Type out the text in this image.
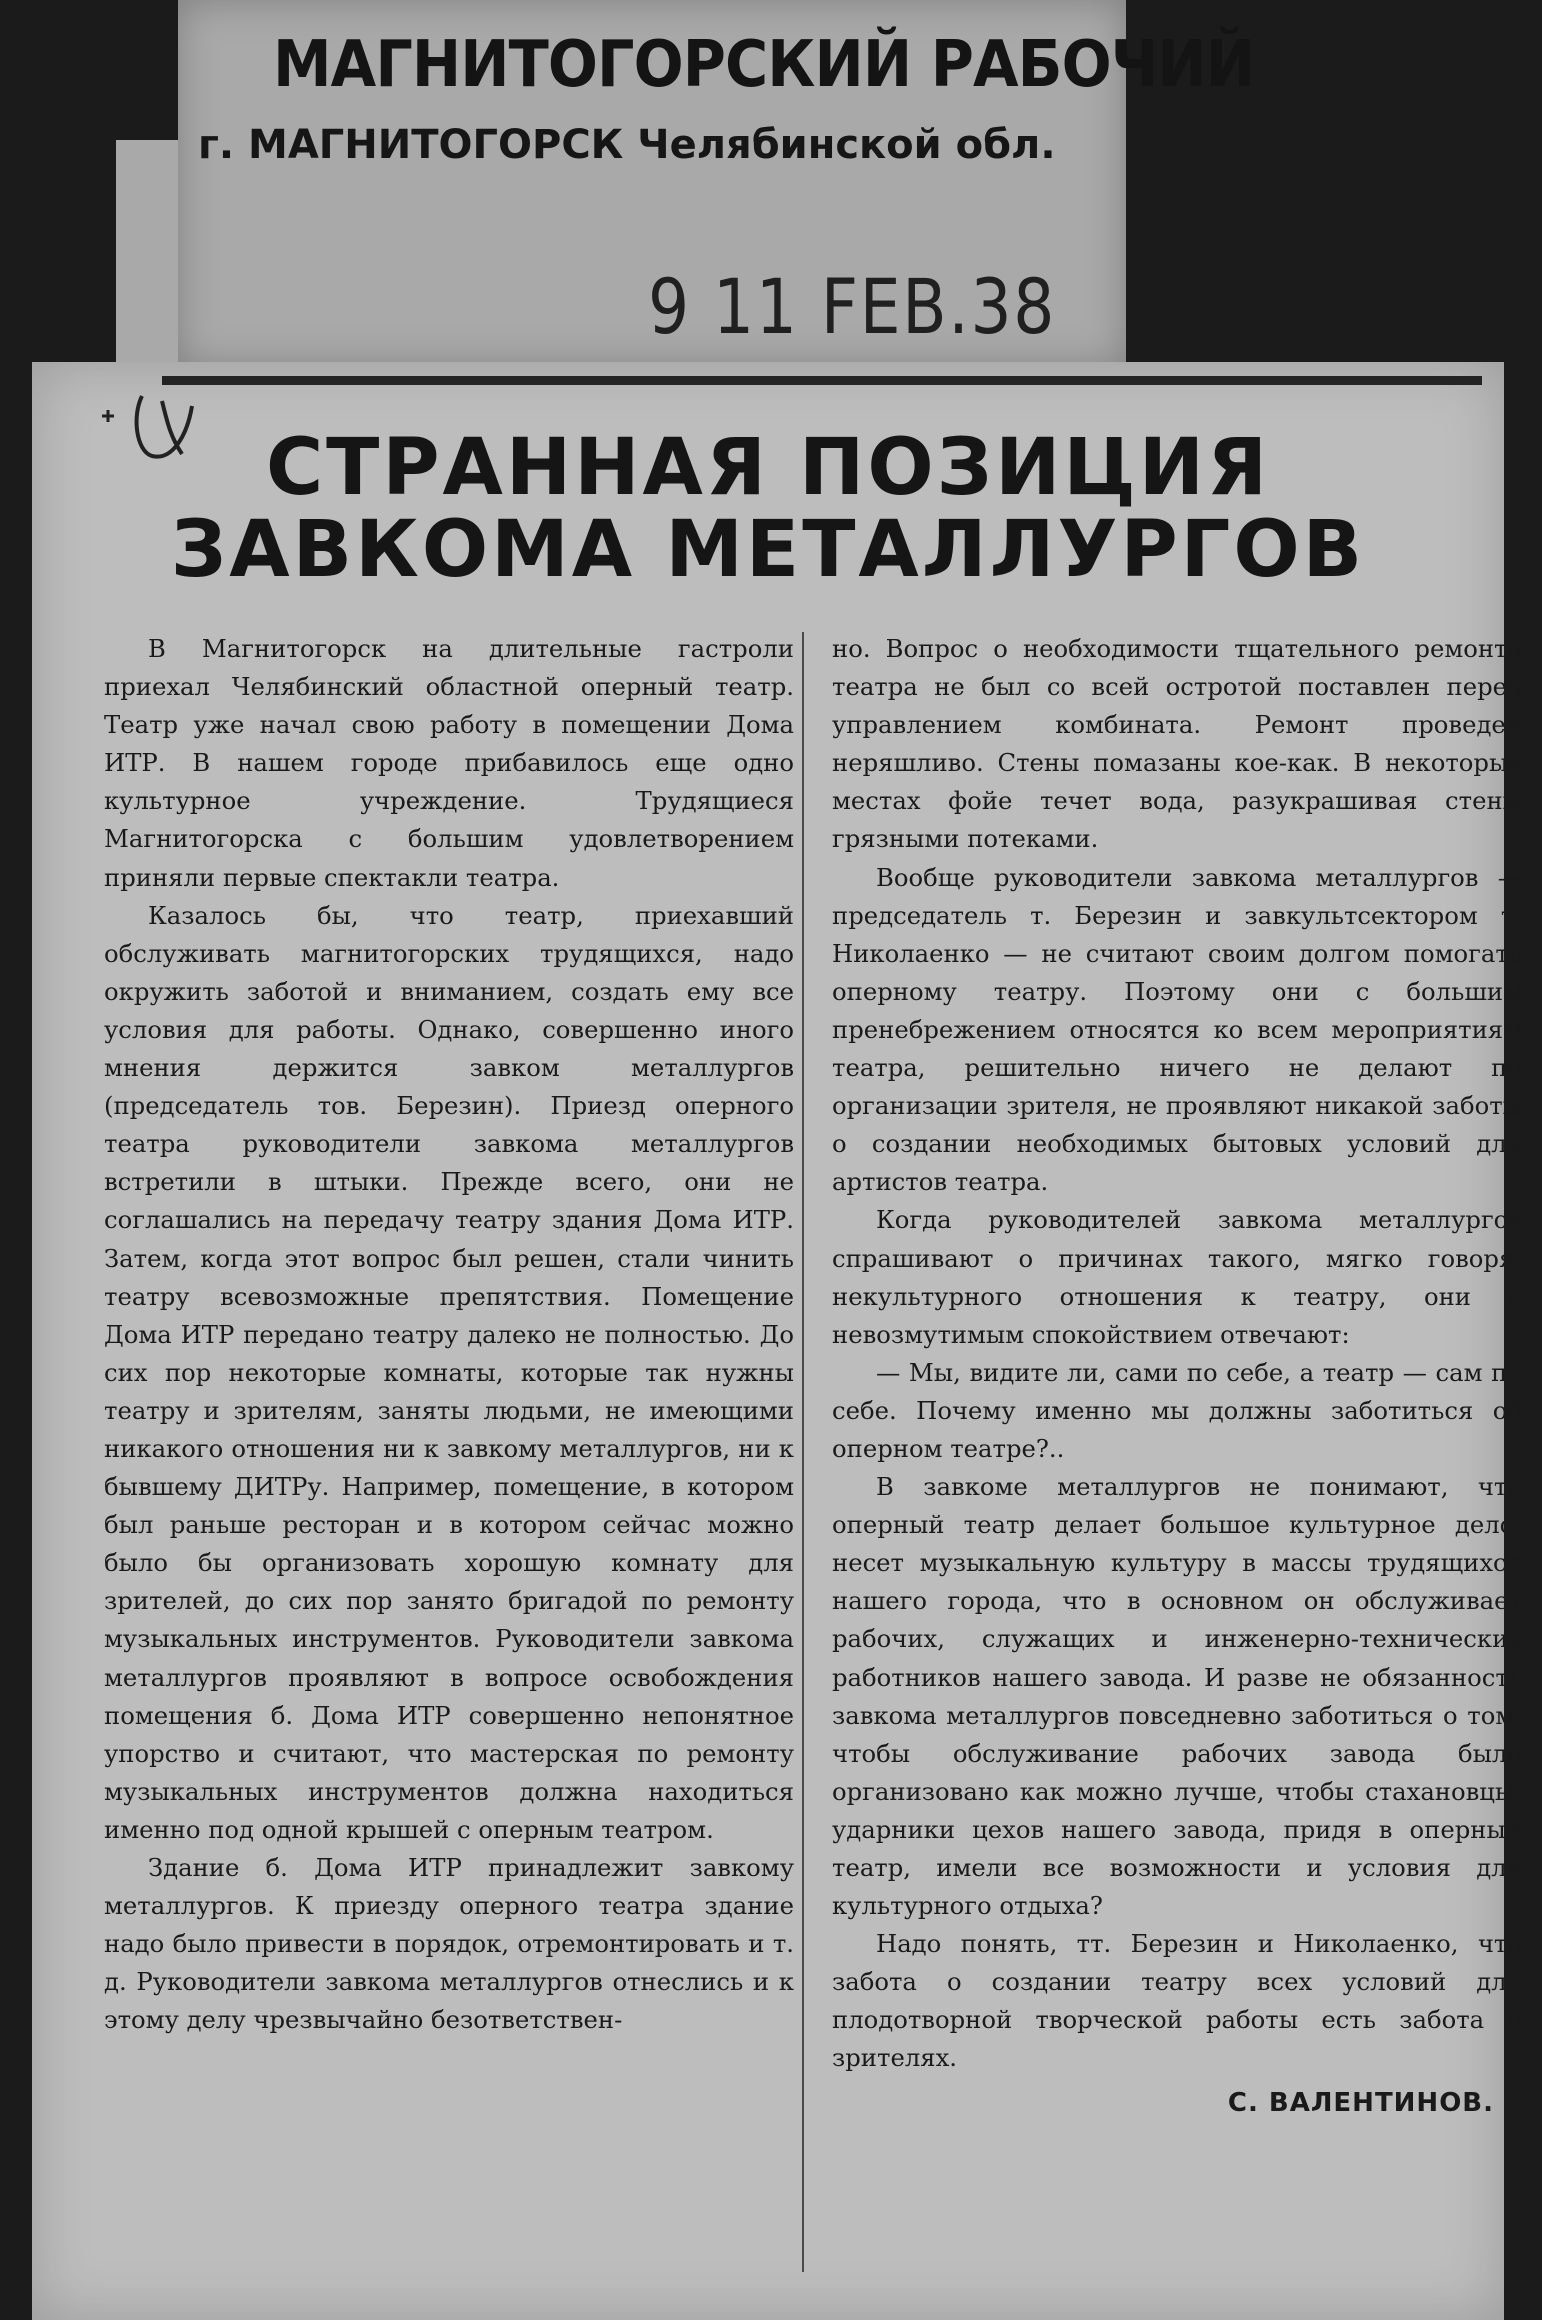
МАГНИТОГОРСКИЙ РАБОЧИЙ
г. МАГНИТОГОРСК Челябинской обл.
9 11 FEB.38
СТРАННАЯ ПОЗИЦИЯ
ЗАВКОМА МЕТАЛЛУРГОВ

В Магнитогорск на длительные гастроли приехал Челябинский областной оперный театр. Театр уже начал свою работу в помещении Дома ИТР. В нашем городе прибавилось еще одно культурное учреждение. Трудящиеся Магнитогорска с большим удовлетворением приняли первые спектакли театра.

Казалось бы, что театр, приехавший обслуживать магнитогорских трудящихся, надо окружить заботой и вниманием, создать ему все условия для работы. Однако, совершенно иного мнения держится завком металлургов (председатель тов. Березин). Приезд оперного театра руководители завкома металлургов встретили в штыки. Прежде всего, они не соглашались на передачу театру здания Дома ИТР. Затем, когда этот вопрос был решен, стали чинить театру всевозможные препятствия. Помещение Дома ИТР передано театру далеко не полностью. До сих пор некоторые комнаты, которые так нужны театру и зрителям, заняты людьми, не имеющими никакого отношения ни к завкому металлургов, ни к бывшему ДИТРу. Например, помещение, в котором был раньше ресторан и в котором сейчас можно было бы организовать хорошую комнату для зрителей, до сих пор занято бригадой по ремонту музыкальных инструментов. Руководители завкома металлургов проявляют в вопросе освобождения помещения б. Дома ИТР совершенно непонятное упорство и считают, что мастерская по ремонту музыкальных инструментов должна находиться именно под одной крышей с оперным театром.

Здание б. Дома ИТР принадлежит завкому металлургов. К приезду оперного театра здание надо было привести в порядок, отремонтировать и т. д. Руководители завкома металлургов отнеслись и к этому делу чрезвычайно безответствен-

но. Вопрос о необходимости тщательного ремонта театра не был со всей остротой поставлен перед управлением комбината. Ремонт проведен неряшливо. Стены помазаны кое-как. В некоторых местах фойе течет вода, разукрашивая стены грязными потеками.

Вообще руководители завкома металлургов — председатель т. Березин и завкультсектором т. Николаенко — не считают своим долгом помогать оперному театру. Поэтому они с большим пренебрежением относятся ко всем мероприятиям театра, решительно ничего не делают по организации зрителя, не проявляют никакой заботы о создании необходимых бытовых условий для артистов театра.

Когда руководителей завкома металлургов спрашивают о причинах такого, мягко говоря, некультурного отношения к театру, они с невозмутимым спокойствием отвечают:

— Мы, видите ли, сами по себе, а театр — сам по себе. Почему именно мы должны заботиться об оперном театре?..

В завкоме металлургов не понимают, что оперный театр делает большое культурное дело, несет музыкальную культуру в массы трудящихся нашего города, что в основном он обслуживает рабочих, служащих и инженерно-технических работников нашего завода. И разве не обязанность завкома металлургов повседневно заботиться о том, чтобы обслуживание рабочих завода было организовано как можно лучше, чтобы стахановцы, ударники цехов нашего завода, придя в оперный театр, имели все возможности и условия для культурного отдыха?

Надо понять, тт. Березин и Николаенко, что забота о создании театру всех условий для плодотворной творческой работы есть забота о зрителях.

С. ВАЛЕНТИНОВ.
